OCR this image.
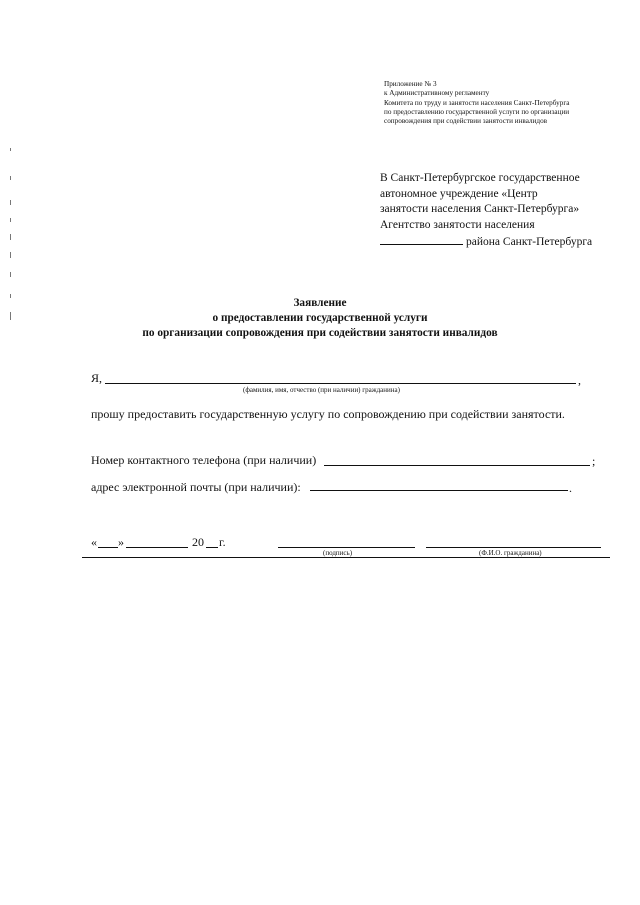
Приложение № 3
к Административному регламенту
Комитета по труду и занятости населения Санкт-Петербурга
по предоставлению государственной услуги по организации
сопровождения при содействии занятости инвалидов
В Санкт-Петербургское государственное
автономное учреждение «Центр
занятости населения Санкт-Петербурга»
Агентство занятости населения
района Санкт-Петербурга
Заявление
о предоставлении государственной услуги
по организации сопровождения при содействии занятости инвалидов
Я,	,
(фамилия, имя, отчество (при наличии) гражданина)
прошу предоставить государственную услугу по сопровождению при содействии занятости.
Номер контактного телефона (при наличии)	;
адрес электронной почты (при наличии):	.
« »	20 г.
(подпись)	(Ф.И.О. гражданина)
